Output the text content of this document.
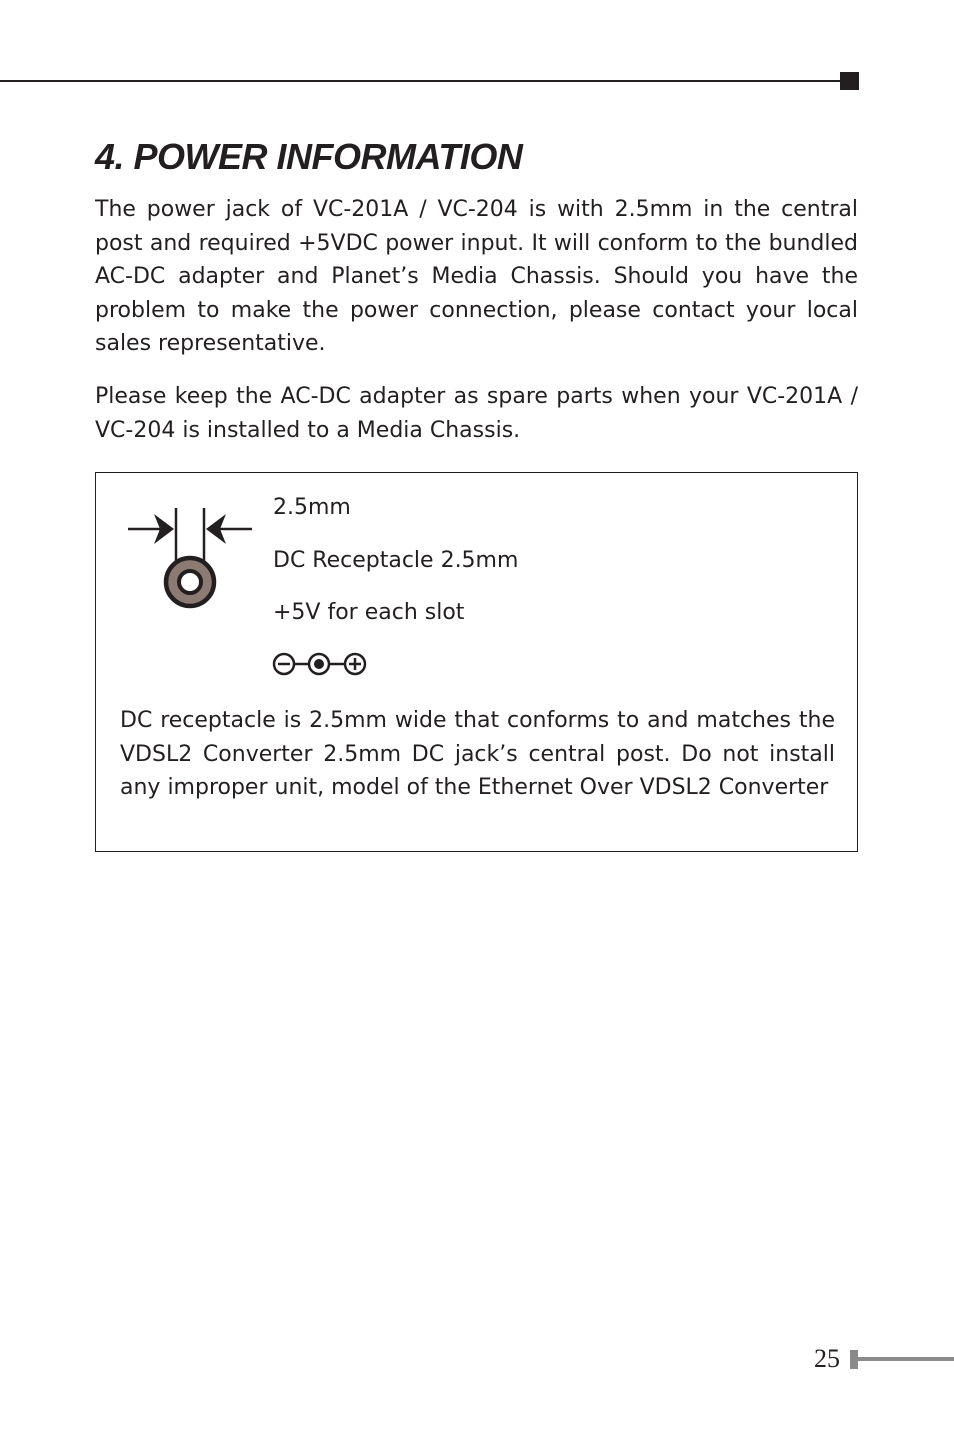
4. POWER INFORMATION

The power jack of VC-201A / VC-204 is with 2.5mm in the central post and required +5VDC power input. It will conform to the bundled AC-DC adapter and Planet’s Media Chassis. Should you have the problem to make the power connection, please contact your local sales representative.

Please keep the AC-DC adapter as spare parts when your VC-201A / VC-204 is installed to a Media Chassis.

2.5mm

DC Receptacle 2.5mm

+5V for each slot

DC receptacle is 2.5mm wide that conforms to and matches the VDSL2 Converter 2.5mm DC jack’s central post. Do not install any improper unit, model of the Ethernet Over VDSL2 Converter

25
